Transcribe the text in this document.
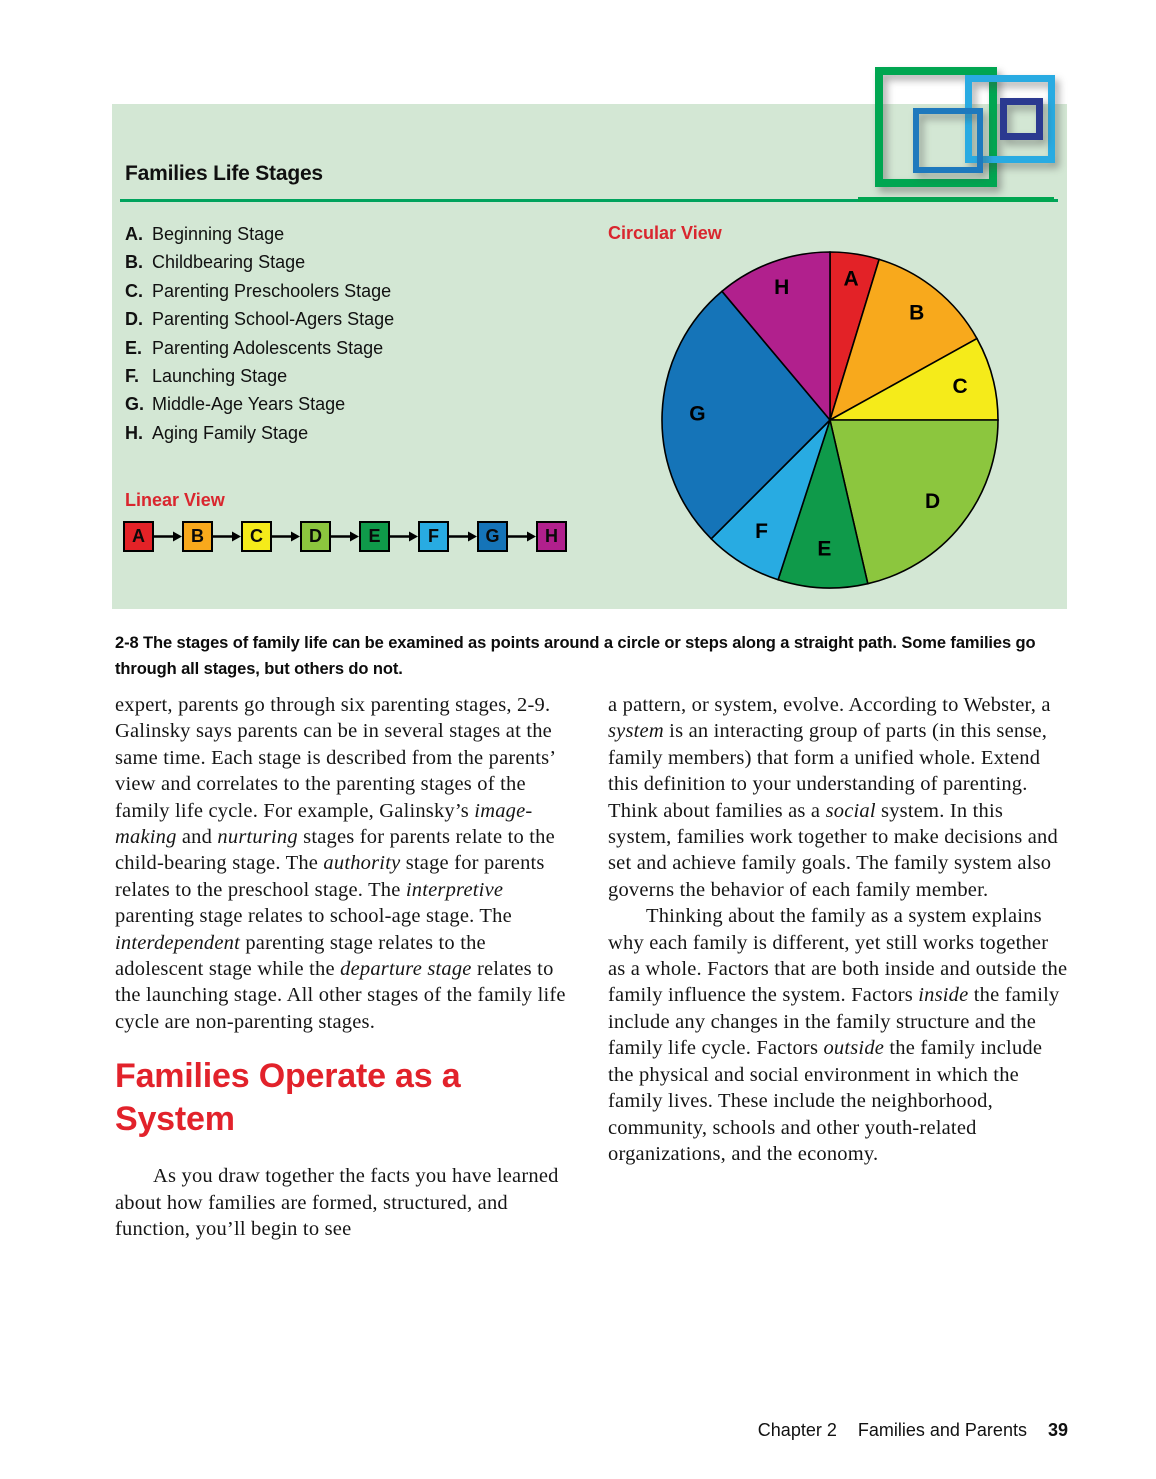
Families Life Stages
A. Beginning Stage
B. Childbearing Stage
C. Parenting Preschoolers Stage
D. Parenting School-Agers Stage
E. Parenting Adolescents Stage
F. Launching Stage
G. Middle-Age Years Stage
H. Aging Family Stage
Circular View
A
B
C
D
E
F
G
H
Linear View
A	B	C	D	E	F	G	H

2-8 The stages of family life can be examined as points around a circle or steps along a straight path. Some families go through all stages, but others do not.

expert, parents go through six parenting stages, 2-9. Galinsky says parents can be in several stages at the same time. Each stage is described from the parents’ view and correlates to the parenting stages of the family life cycle. For example, Galinsky’s image-making and nurturing stages for parents relate to the child-bearing stage. The authority stage for parents relates to the preschool stage. The interpretive parenting stage relates to school-age stage. The interdependent parenting stage relates to the adolescent stage while the departure stage relates to the launching stage. All other stages of the family life cycle are non-parenting stages.

Families Operate as a System

As you draw together the facts you have learned about how families are formed, structured, and function, you’ll begin to see

a pattern, or system, evolve. According to Webster, a system is an interacting group of parts (in this sense, family members) that form a unified whole. Extend this definition to your understanding of parenting. Think about families as a social system. In this system, families work together to make decisions and set and achieve family goals. The family system also governs the behavior of each family member.

Thinking about the family as a system explains why each family is different, yet still works together as a whole. Factors that are both inside and outside the family influence the system. Factors inside the family include any changes in the family structure and the family life cycle. Factors outside the family include the physical and social environment in which the family lives. These include the neighborhood, community, schools and other youth-related organizations, and the economy.

Chapter 2 Families and Parents 39
